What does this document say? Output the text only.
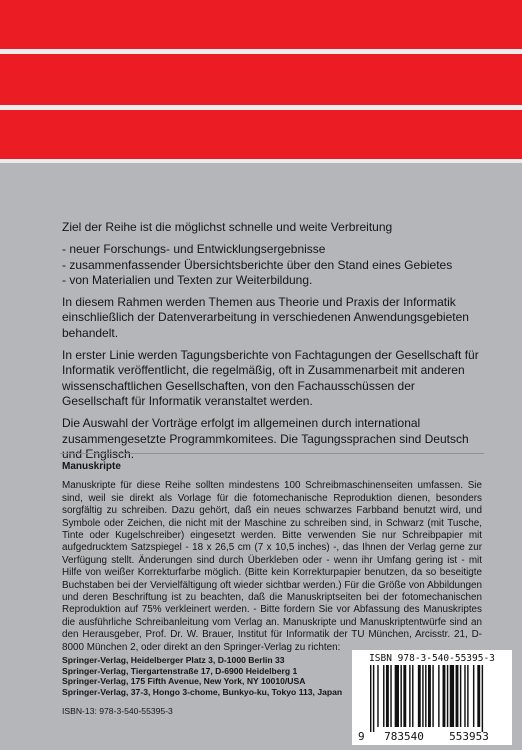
Ziel der Reihe ist die möglichst schnelle und weite Verbreitung

- neuer Forschungs- und Entwicklungsergebnisse
- zusammenfassender Übersichtsberichte über den Stand eines Gebietes
- von Materialien und Texten zur Weiterbildung.

In diesem Rahmen werden Themen aus Theorie und Praxis der Informatik einschließlich der Datenverarbeitung in verschiedenen Anwendungsgebieten behandelt.

In erster Linie werden Tagungsberichte von Fachtagungen der Gesellschaft für Informatik veröffentlicht, die regelmäßig, oft in Zusammenarbeit mit anderen wissenschaftlichen Gesellschaften, von den Fachausschüssen der Gesellschaft für Informatik veranstaltet werden.

Die Auswahl der Vorträge erfolgt im allgemeinen durch international zusammengesetzte Programmkomitees. Die Tagungssprachen sind Deutsch

Manuskripte

Manuskripte für diese Reihe sollten mindestens 100 Schreibmaschinenseiten umfassen. Sie sind, weil sie direkt als Vorlage für die fotomechanische Reproduktion dienen, besonders sorgfältig zu schreiben. Dazu gehört, daß ein neues schwarzes Farbband benutzt wird, und Symbole oder Zeichen, die nicht mit der Maschine zu schreiben sind, in Schwarz (mit Tusche, Tinte oder Kugelschreiber) eingesetzt werden. Bitte verwenden Sie nur Schreibpapier mit aufgedrucktem Satzspiegel - 18 x 26,5 cm (7 x 10,5 inches) -, das Ihnen der Verlag gerne zur Verfügung stellt. Änderungen sind durch Überkleben oder - wenn ihr Umfang gering ist - mit Hilfe von weißer Korrekturfarbe möglich. (Bitte kein Korrekturpapier benutzen, da so beseitigte Buchstaben bei der Vervielfältigung oft wieder sichtbar werden.) Für die Größe von Abbildungen und deren Beschriftung ist zu beachten, daß die Manuskriptseiten bei der fotomechanischen Reproduktion auf 75% verkleinert werden. - Bitte fordern Sie vor Abfassung des Manuskriptes die ausführliche Schreibanleitung vom Verlag an. Manuskripte und Manuskriptentwürfe sind an den Herausgeber, Prof. Dr. W. Brauer, Institut für Informatik der TU München, Arcisstr. 21, D-8000 München 2, oder direkt an den Springer-Verlag zu richten:

Springer-Verlag, Heidelberger Platz 3, D-1000 Berlin 33
Springer-Verlag, Tiergartenstraße 17, D-6900 Heidelberg 1
Springer-Verlag, 175 Fifth Avenue, New York, NY 10010/USA
Springer-Verlag, 37-3, Hongo 3-chome, Bunkyo-ku, Tokyo 113, Japan
ISBN-13: 978-3-540-55395-3
ISBN 978-3-540-55395-3
9 783540 553953
